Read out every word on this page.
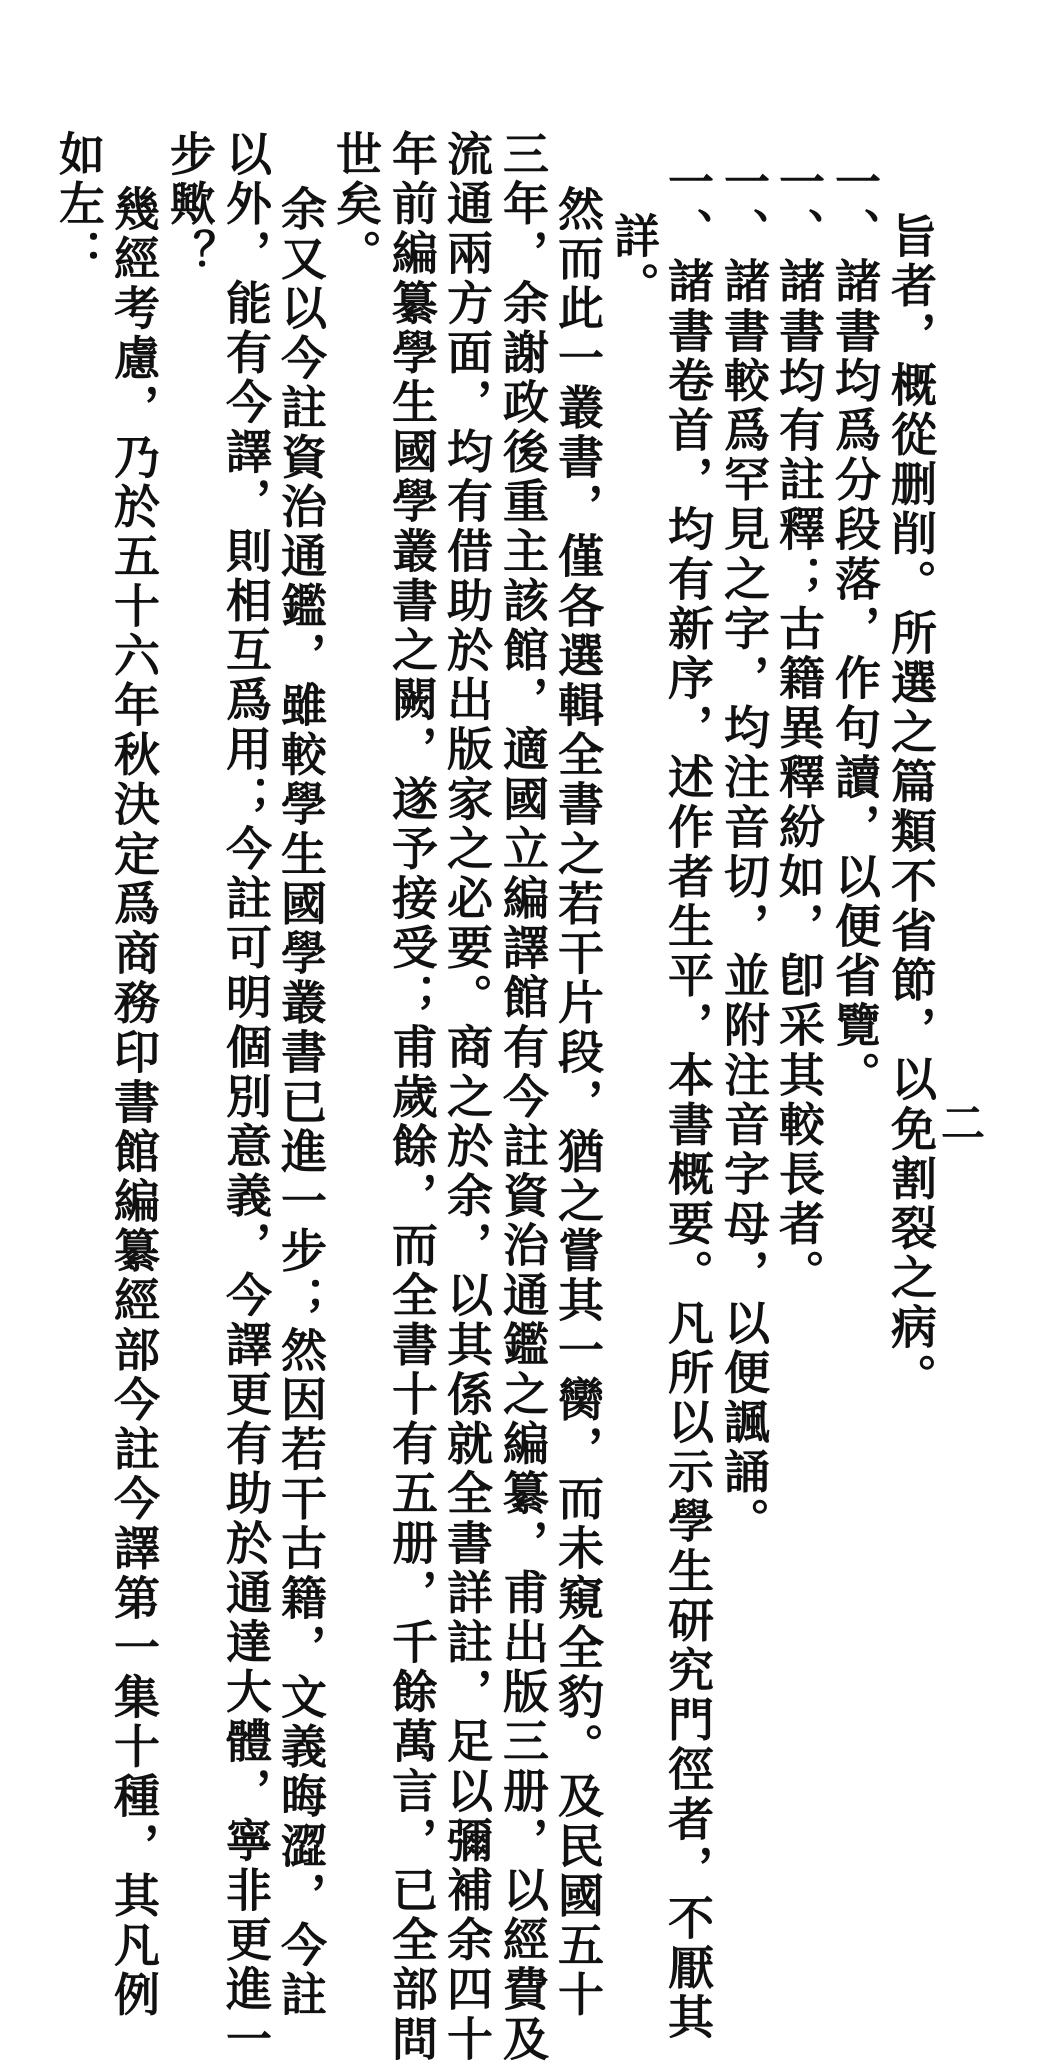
旨者，概從删削。所選之篇類不省節，以免割裂之病。
一、諸書均爲分段落，作句讀，以便省覽。
一、諸書均有註釋；古籍異釋紛如，卽采其較長者。
一、諸書較爲罕見之字，均注音切，並附注音字母，以便諷誦。
一、諸書卷首，均有新序，述作者生平，本書概要。凡所以示學生研究門徑者，不厭其
詳。
然而此一叢書，僅各選輯全書之若干片段，猶之嘗其一臠，而未窺全豹。及民國五十
三年，余謝政後重主該館，適國立編譯館有今註資治通鑑之編纂，甫出版三册，以經費及
流通兩方面，均有借助於出版家之必要。商之於余，以其係就全書詳註，足以彌補余四十
年前編纂學生國學叢書之闕，遂予接受；甫歲餘，而全書十有五册，千餘萬言，已全部問
世矣。
余又以今註資治通鑑，雖較學生國學叢書已進一步；然因若干古籍，文義晦澀，今註
以外，能有今譯，則相互爲用；今註可明個別意義，今譯更有助於通達大體，寧非更進一
步歟？
幾經考慮，乃於五十六年秋決定爲商務印書館編纂經部今註今譯第一集十種，其凡例
如左：
二
